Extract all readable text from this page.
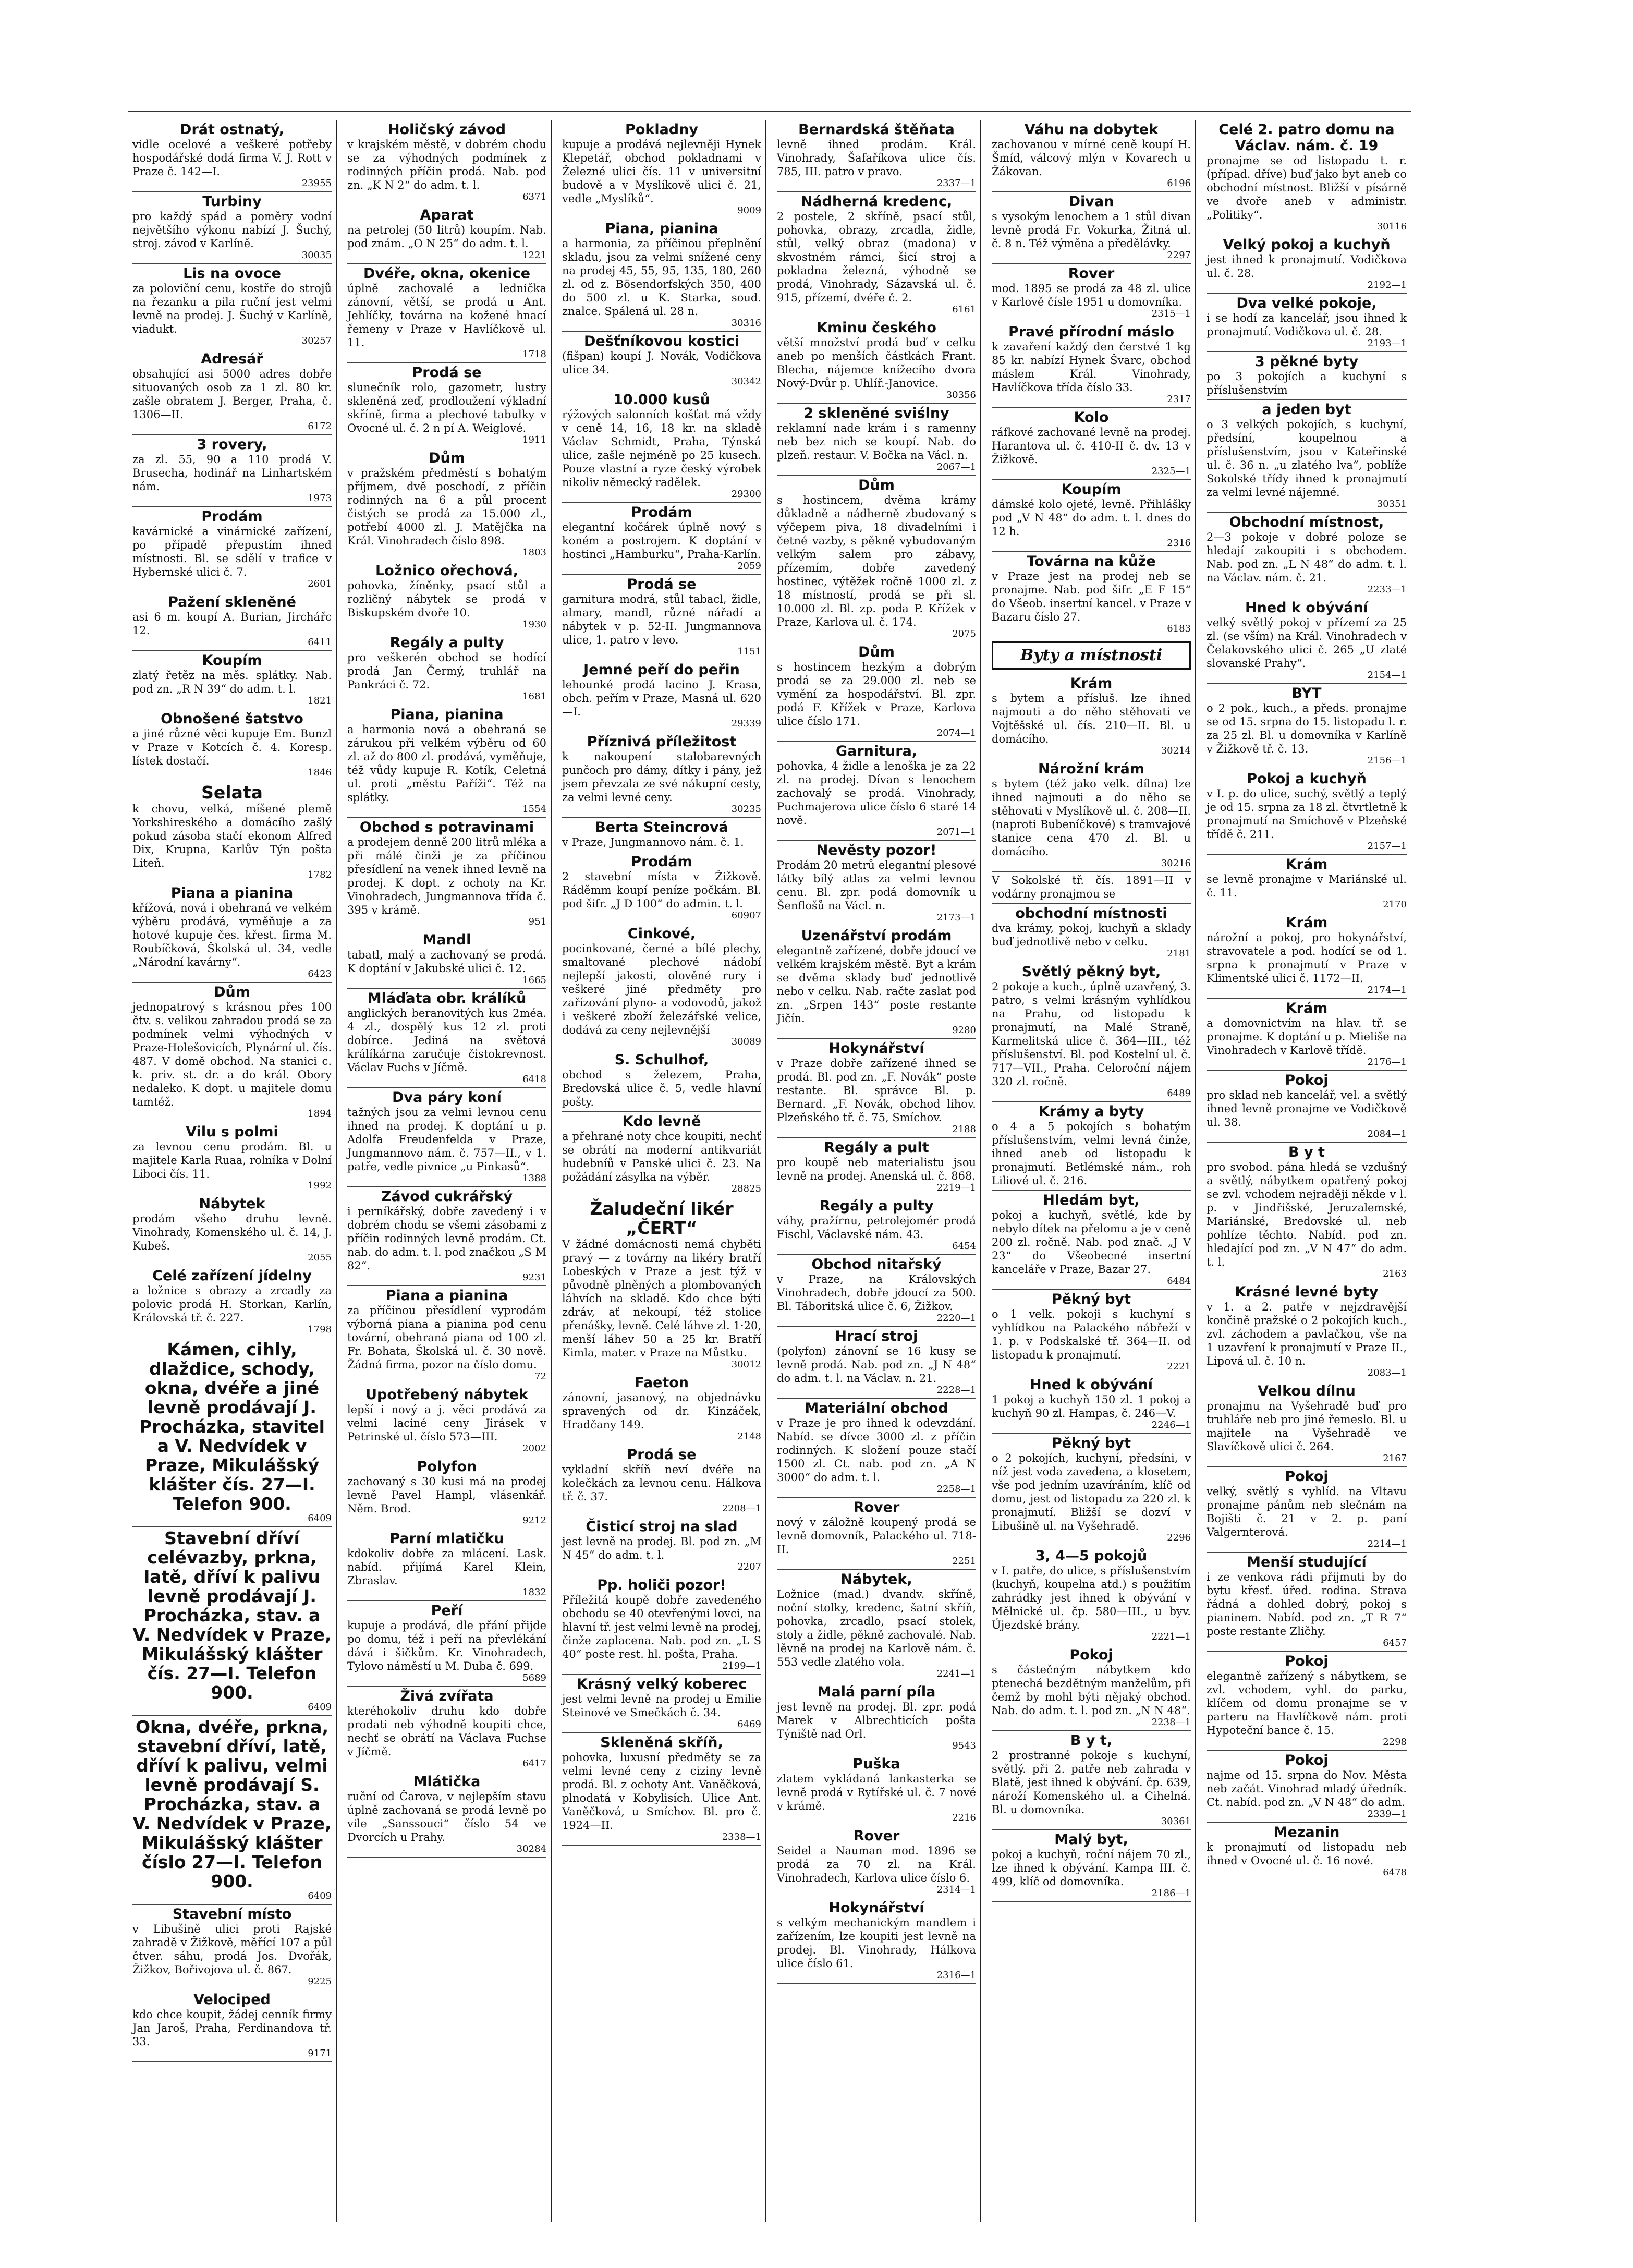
Drát ostnatý,
vidle ocelové a veškeré potřeby hospodářské dodá firma V. J. Rott v Praze č. 142—I.
23955
Turbiny
pro každý spád a poměry vodní největšího výkonu nabízí J. Šuchý, stroj. závod v Karlíně.
30035
Lis na ovoce
za poloviční cenu, kostře do strojů na řezanku a pila ruční jest velmi levně na prodej. J. Šuchý v Karlíně, viadukt.
30257
Adresář
obsahující asi 5000 adres dobře situovaných osob za 1 zl. 80 kr. zašle obratem J. Berger, Praha, č. 1306—II.
6172
3 rovery,
za zl. 55, 90 a 110 prodá V. Brusecha, hodinář na Linhartském nám.
1973
Prodám
kavárnické a vinárnické zařízení, po případě přepustím ihned místnosti. Bl. se sdělí v trafice v Hybernské ulici č. 7.
2601
Pažení skleněné
asi 6 m. koupí A. Burian, Jirchářc 12.
6411
Koupím
zlatý řetěz na měs. splátky. Nab. pod zn. „R N 39“ do adm. t. l.
1821
Obnošené šatstvo
a jiné různé věci kupuje Em. Bunzl v Praze v Kotcích č. 4. Koresp. lístek dostačí.
1846
Selata
k chovu, velká, míšené plemě Yorkshireského a domácího zašlý pokud zásoba stačí ekonom Alfred Dix, Krupna, Karlův Týn pošta Liteň.
1782
Piana a pianina
křížová, nová i obehraná ve velkém výběru prodává, vyměňuje a za hotové kupuje čes. křest. firma M. Roubíčková, Školská ul. 34, vedle „Národní kavárny“.
6423
Dům
jednopatrový s krásnou přes 100 čtv. s. velikou zahradou prodá se za podmínek velmi výhodných v Praze-Holešovicích, Plynární ul. čís. 487. V domě obchod. Na stanici c. k. priv. st. dr. a do král. Obory nedaleko. K dopt. u majitele domu tamtéž.
1894
Vilu s polmi
za levnou cenu prodám. Bl. u majitele Karla Ruaa, rolníka v Dolní Liboci čís. 11.
1992
Nábytek
prodám všeho druhu levně. Vinohrady, Komenského ul. č. 14, J. Kubeš.
2055
Celé zařízení jídelny
a ložnice s obrazy a zrcadly za polovic prodá H. Storkan, Karlín, Královská tř. č. 227.
1798
Kámen, cihly, dlaždice, schody, okna, dvéře a jiné levně prodávají J. Procházka, stavitel a V. Nedvídek v Praze, Mikulášský klášter čís. 27—I. Telefon 900.
6409
Stavební dříví celévazby, prkna, latě, dříví k palivu levně prodávají J. Procházka, stav. a V. Nedvídek v Praze, Mikulášský klášter čís. 27—I. Telefon 900.
6409
Okna, dvéře, prkna, stavební dříví, latě, dříví k palivu, velmi levně prodávají S. Procházka, stav. a V. Nedvídek v Praze, Mikulášský klášter číslo 27—I. Telefon 900.
6409
Stavební místo
v Libušině ulici proti Rajské zahradě v Žižkově, měřící 107 a půl čtver. sáhu, prodá Jos. Dvořák, Žižkov, Bořivojova ul. č. 867.
9225
Velociped
kdo chce koupit, žádej cenník firmy Jan Jaroš, Praha, Ferdinandova tř. 33.
9171
Holičský závod
v krajském městě, v dobrém chodu se za výhodných podmínek z rodinných příčin prodá. Nab. pod zn. „K N 2“ do adm. t. l.
6371
Aparat
na petrolej (50 litrů) koupím. Nab. pod znám. „O N 25“ do adm. t. l.
1221
Dvéře, okna, okenice
úplně zachovalé a lednička zánovní, větší, se prodá u Ant. Jehlíčky, továrna na kožené hnací řemeny v Praze v Havlíčkově ul. 11.
1718
Prodá se
slunečník rolo, gazometr, lustry skleněná zeď, prodloužení výkladní skříně, firma a plechové tabulky v Ovocné ul. č. 2 n pí A. Weiglové.
1911
Dům
v pražském předměstí s bohatým příjmem, dvě poschodí, z příčin rodinných na 6 a půl procent čistých se prodá za 15.000 zl., potřebí 4000 zl. J. Matějčka na Král. Vinohradech číslo 898.
1803
Ložnico ořechová,
pohovka, žíněnky, psací stůl a rozličný nábytek se prodá v Biskupském dvoře 10.
1930
Regály a pulty
pro veškerén obchod se hodící prodá Jan Čermý, truhlář na Pankráci č. 72.
1681
Piana, pianina
a harmonia nová a obehraná se zárukou při velkém výběru od 60 zl. až do 800 zl. prodává, vyměňuje, též vůdy kupuje R. Kotík, Celetná ul. proti „městu Paříži“. Též na splátky.
1554
Obchod s potravinami
a prodejem denně 200 litrů mléka a při málé činži je za příčinou přesídlení na venek ihned levně na prodej. K dopt. z ochoty na Kr. Vinohradech, Jungmannova třída č. 395 v krámě.
951
Mandl
tabatl, malý a zachovaný se prodá. K doptání v Jakubské ulici č. 12.
1665
Mláďata obr. králíků
anglických beranovitých kus 2méa. 4 zl., dospělý kus 12 zl. proti dobírce. Jediná na světová králíkárna zaručuje čistokrevnost. Václav Fuchs v Jíčmě.
6418
Dva páry koní
tažných jsou za velmi levnou cenu ihned na prodej. K doptání u p. Adolfa Freudenfelda v Praze, Jungmannovo nám. č. 757—II., v 1. patře, vedle pivnice „u Pinkasů“.
1388
Závod cukrářský
i perníkářský, dobře zavedený i v dobrém chodu se všemi zásobami z příčin rodinných levně prodám. Ct. nab. do adm. t. l. pod značkou „S M 82“.
9231
Piana a pianina
za příčinou přesídlení vyprodám výborná piana a pianina pod cenu tovární, obehraná piana od 100 zl. Fr. Bohata, Školská ul. č. 30 nově. Žádná firma, pozor na číslo domu.
72
Upotřebený nábytek
lepší i nový a j. věci prodává za velmi laciné ceny Jirásek v Petrinské ul. číslo 573—III.
2002
Polyfon
zachovaný s 30 kusi má na prodej levně Pavel Hampl, vlásenkář. Něm. Brod.
9212
Parní mlatičku
kdokoliv dobře za mlácení. Lask. nabíd. přijímá Karel Klein, Zbraslav.
1832
Peří
kupuje a prodává, dle přání přijde po domu, též i peří na převlékání dává i šičkům. Kr. Vinohradech, Tylovo náměstí u M. Duba č. 699.
5689
Živá zvířata
kteréhokoliv druhu kdo dobře prodati neb výhodně koupiti chce, nechť se obrátí na Václava Fuchse v Jíčmě.
6417
Mlátička
ruční od Čarova, v nejlepším stavu úplně zachovaná se prodá levně po vile „Sanssouci“ číslo 54 ve Dvorcích u Prahy.
30284
Pokladny
kupuje a prodává nejlevněji Hynek Klepetář, obchod pokladnami v Železné ulici čís. 11 v universitní budově a v Myslíkově ulici č. 21, vedle „Myslíků“.
9009
Piana, pianina
a harmonia, za příčinou přeplnění skladu, jsou za velmi snížené ceny na prodej 45, 55, 95, 135, 180, 260 zl. od z. Bösendorfských 350, 400 do 500 zl. u K. Starka, soud. znalce. Spálená ul. 28 n.
30316
Dešťníkovou kostici
(fišpan) koupí J. Novák, Vodičkova ulice 34.
30342
10.000 kusů
rýžových salonních košťat má vždy v ceně 14, 16, 18 kr. na skladě Václav Schmidt, Praha, Týnská ulice, zašle nejméně po 25 kusech. Pouze vlastní a ryze český výrobek nikoliv německý radělek.
29300
Prodám
elegantní kočárek úplně nový s koném a postrojem. K doptání v hostinci „Hamburku“, Praha-Karlín.
2059
Prodá se
garnitura modrá, stůl tabacl, židle, almary, mandl, různé nářadí a nábytek v p. 52-II. Jungmannova ulice, 1. patro v levo.
1151
Jemné peří do peřin
lehounké prodá lacino J. Krasa, obch. peřím v Praze, Masná ul. 620—I.
29339
Příznivá příležitost
k nakoupení stalobarevných punčoch pro dámy, dítky i pány, jež jsem převzala ze své nákupní cesty, za velmi levné ceny.
30235
Berta Steincrová
v Praze, Jungmannovo nám. č. 1.
Prodám
2 stavební místa v Žižkově. Ráděmm koupí peníze počkám. Bl. pod šifr. „J D 100“ do admin. t. l.
60907
Cinkové,
pocinkované, černé a bílé plechy, smaltované plechové nádobí nejlepší jakosti, olověné rury i veškeré jiné předměty pro zařízování plyno- a vodovodů, jakož i veškeré zboží železářské velice, dodává za ceny nejlevnější
30089
S. Schulhof,
obchod s železem, Praha, Bredovská ulice č. 5, vedle hlavní pošty.
Kdo levně
a přehrané noty chce koupiti, nechť se obrátí na moderní antikvariát hudebníů v Panské ulici č. 23. Na požádání zásylka na výběr.
28825
Žaludeční likér „ČERT“
V žádné domácnosti nemá chyběti pravý — z továrny na likéry bratří Lobeských v Praze a jest týž v původně plněných a plombovaných láhvích na skladě. Kdo chce býti zdráv, ať nekoupí, též stolice přenášky, levně. Celé láhve zl. 1·20, menší láhev 50 a 25 kr. Bratří Kimla, mater. v Praze na Můstku.
30012
Faeton
zánovní, jasanový, na objednávku spravených od dr. Kinzáček, Hradčany 149.
2148
Prodá se
vykladní skříň neví dvéře na kolečkách za levnou cenu. Hálkova tř. č. 37.
2208—1
Čisticí stroj na slad
jest levně na prodej. Bl. pod zn. „M N 45“ do adm. t. l.
2207
Pp. holiči pozor!
Příležitá koupě dobře zavedeného obchodu se 40 otevřenými lovci, na hlavní tř. jest velmi levně na prodej, činže zaplacena. Nab. pod zn. „L S 40“ poste rest. hl. pošta, Praha.
2199—1
Krásný velký koberec
jest velmi levně na prodej u Emilie Steinové ve Smečkách č. 34.
6469
Skleněná skříň,
pohovka, luxusní předměty se za velmi levné ceny z ciziny levně prodá. Bl. z ochoty Ant. Vaněčková, plnodatá v Kobylisích. Ulice Ant. Vaněčková, u Smíchov. Bl. pro č. 1924—II.
2338—1
Bernardská štěňata
levně ihned prodám. Král. Vinohrady, Šafaříkova ulice čís. 785, III. patro v pravo.
2337—1
Nádherná kredenc,
2 postele, 2 skříně, psací stůl, pohovka, obrazy, zrcadla, židle, stůl, velký obraz (madona) v skvostném rámci, šicí stroj a pokladna železná, výhodně se prodá, Vinohrady, Sázavská ul. č. 915, přízemí, dvéře č. 2.
6161
Kminu českého
větší množství prodá buď v celku aneb po menších částkách Frant. Blecha, nájemce knížecího dvora Nový-Dvůr p. Uhlíř.-Janovice.
30356
2 skleněné sviślny
reklamní nade krám i s ramenny neb bez nich se koupí. Nab. do plzeň. restaur. V. Bočka na Václ. n.
2067—1
Dům
s hostincem, dvěma krámy důkladně a nádherně zbudovaný s výčepem piva, 18 divadelními i četné vazby, s pěkně vybudovaným velkým salem pro zábavy, přízemím, dobře zavedený hostinec, výtěžek ročně 1000 zl. z 18 místností, prodá se při sl. 10.000 zl. Bl. zp. poda P. Křížek v Praze, Karlova ul. č. 174.
2075
Dům
s hostincem hezkým a dobrým prodá se za 29.000 zl. neb se vymění za hospodářství. Bl. zpr. podá F. Křížek v Praze, Karlova ulice číslo 171.
2074—1
Garnitura,
pohovka, 4 židle a lenoška je za 22 zl. na prodej. Dívan s lenochem zachovalý se prodá. Vinohrady, Puchmajerova ulice číslo 6 staré 14 nově.
2071—1
Nevěsty pozor!
Prodám 20 metrů elegantní plesové látky bílý atlas za velmi levnou cenu. Bl. zpr. podá domovník u Šenflošů na Václ. n.
2173—1
Uzenářství prodám
elegantně zařízené, dobře jdoucí ve velkém krajském městě. Byt a krám se dvěma sklady buď jednotlivě nebo v celku. Nab. račte zaslat pod zn. „Srpen 143“ poste restante Jičín.
9280
Hokynářství
v Praze dobře zařízené ihned se prodá. Bl. pod zn. „F. Novák“ poste restante. Bl. správce Bl. p. Bernard. „F. Novák, obchod lihov. Plzeňského tř. č. 75, Smíchov.
2188
Regály a pult
pro koupě neb materialistu jsou levně na prodej. Anenská ul. č. 868.
2219—1
Regály a pulty
váhy, pražírnu, petrolejomér prodá Fischl, Václavské nám. 43.
6454
Obchod nitařský
v Praze, na Královských Vinohradech, dobře jdoucí za 500. Bl. Táboritská ulice č. 6, Žižkov.
2220—1
Hrací stroj
(polyfon) zánovní se 16 kusy se levně prodá. Nab. pod zn. „J N 48“ do adm. t. l. na Václav. n. 21.
2228—1
Materiální obchod
v Praze je pro ihned k odevzdání. Nabíd. se dívce 3000 zl. z příčin rodinných. K složení pouze stačí 1500 zl. Ct. nab. pod zn. „A N 3000“ do adm. t. l.
2258—1
Rover
nový v záložně koupený prodá se levně domovník, Palackého ul. 718-II.
2251
Nábytek,
Ložnice (mad.) dvandv. skříně, noční stolky, kredenc, šatní skříň, pohovka, zrcadlo, psací stolek, stoly a židle, pěkně zachovalé. Nab. lěvně na prodej na Karlově nám. č. 553 vedle zlatého vola.
2241—1
Malá parní píla
jest levně na prodej. Bl. zpr. podá Marek v Albrechticích pošta Týniště nad Orl.
9543
Puška
zlatem vykládaná lankasterka se levně prodá v Rytířské ul. č. 7 nové v krámě.
2216
Rover
Seidel a Nauman mod. 1896 se prodá za 70 zl. na Král. Vinohradech, Karlova ulice číslo 6.
2314—1
Hokynářství
s velkým mechanickým mandlem i zařízením, lze koupiti jest levně na prodej. Bl. Vinohrady, Hálkova ulice číslo 61.
2316—1
Váhu na dobytek
zachovanou v mírné ceně koupí H. Šmíd, válcový mlýn v Kovarech u Žákovan.
6196
Divan
s vysokým lenochem a 1 stůl divan levně prodá Fr. Vokurka, Žitná ul. č. 8 n. Též výměna a předělávky.
2297
Rover
mod. 1895 se prodá za 48 zl. ulice v Karlově čísle 1951 u domovníka.
2315—1
Pravé přírodní máslo
k zavaření každý den čerstvé 1 kg 85 kr. nabízí Hynek Švarc, obchod máslem Král. Vinohrady, Havlíčkova třída číslo 33.
2317
Kolo
ráfkové zachované levně na prodej. Harantova ul. č. 410-II č. dv. 13 v Žižkově.
2325—1
Koupím
dámské kolo ojeté, levně. Přihlášky pod „V N 48“ do adm. t. l. dnes do 12 h.
2316
Továrna na kůže
v Praze jest na prodej neb se pronajme. Nab. pod šifr. „E F 15“ do Všeob. insertní kancel. v Praze v Bazaru číslo 27.
6183
Byty a místnosti
Krám
s bytem a přísluš. lze ihned najmouti a do něho stěhovati ve Vojtěšské ul. čís. 210—II. Bl. u domácího.
30214
Nárožní krám
s bytem (též jako velk. dílna) lze ihned najmouti a do něho se stěhovati v Myslíkově ul. č. 208—II. (naproti Bubeníčkové) s tramvajové stanice cena 470 zl. Bl. u domácího.
30216
V Sokolské tř. čís. 1891—II v vodárny pronajmou se
obchodní místnosti
dva krámy, pokoj, kuchyň a sklady buď jednotlivě nebo v celku.
2181
Světlý pěkný byt,
2 pokoje a kuch., úplně uzavřený, 3. patro, s velmi krásným vyhlídkou na Prahu, od listopadu k pronajmutí, na Malé Straně, Karmelitská ulice č. 364—III., též příslušenství. Bl. pod Kostelní ul. č. 717—VII., Praha. Celoroční nájem 320 zl. ročně.
6489
Krámy a byty
o 4 a 5 pokojích s bohatým příslušenstvím, velmi levná činže, ihned aneb od listopadu k pronajmutí. Betlémské nám., roh Liliové ul. č. 216.
Hledám byt,
pokoj a kuchyň, světlé, kde by nebylo dítek na přelomu a je v ceně 200 zl. ročně. Nab. pod znač. „J V 23“ do Všeobecné insertní kanceláře v Praze, Bazar 27.
6484
Pěkný byt
o 1 velk. pokoji s kuchyní s vyhlídkou na Palackého nábřeží v 1. p. v Podskalské tř. 364—II. od listopadu k pronajmutí.
2221
Hned k obývání
1 pokoj a kuchyň 150 zl. 1 pokoj a kuchyň 90 zl. Hampas, č. 246—V.
2246—1
Pěkný byt
o 2 pokojích, kuchyní, předsíni, v níž jest voda zavedena, a klosetem, vše pod jedním uzavíráním, klíč od domu, jest od listopadu za 220 zl. k pronajmutí. Bližší se dozví v Libušině ul. na Vyšehradě.
2296
3, 4—5 pokojů
v I. patře, do ulice, s příslušenstvím (kuchyň, koupelna atd.) s použitím zahrádky jest ihned k obývání v Mělnické ul. čp. 580—III., u byv. Újezdské brány.
2221—1
Pokoj
s částečným nábytkem kdo ptenechá bezdětným manželům, při čemž by mohl býti nějaký obchod. Nab. do adm. t. l. pod zn. „N N 48“.
2238—1
B y t,
2 prostranné pokoje s kuchyní, světlý. při 2. patře neb zahrada v Blatě, jest ihned k obývání. čp. 639, nároží Komenského ul. a Cihelná. Bl. u domovníka.
30361
Malý byt,
pokoj a kuchyň, roční nájem 70 zl., lze ihned k obývání. Kampa III. č. 499, klíč od domovníka.
2186—1
Celé 2. patro domu na Václav. nám. č. 19
pronajme se od listopadu t. r. (případ. dříve) buď jako byt aneb co obchodní místnost. Bližší v písárně ve dvoře aneb v administr. „Politiky“.
30116
Velký pokoj a kuchyň
jest ihned k pronajmutí. Vodičkova ul. č. 28.
2192—1
Dva velké pokoje,
i se hodí za kancelář, jsou ihned k pronajmutí. Vodičkova ul. č. 28.
2193—1
3 pěkné byty
po 3 pokojích a kuchyní s příslušenstvím
a jeden byt
o 3 velkých pokojích, s kuchyní, předsíní, koupelnou a příslušenstvím, jsou v Kateřinské ul. č. 36 n. „u zlatého lva“, poblíže Sokolské třídy ihned k pronajmutí za velmi levné nájemné.
30351
Obchodní místnost,
2—3 pokoje v dobré poloze se hledají zakoupiti i s obchodem. Nab. pod zn. „L N 48“ do adm. t. l. na Václav. nám. č. 21.
2233—1
Hned k obývání
velký světlý pokoj v přízemí za 25 zl. (se vším) na Král. Vinohradech v Čelakovského ulici č. 265 „U zlaté slovanské Prahy“.
2154—1
BYT
o 2 pok., kuch., a předs. pronajme se od 15. srpna do 15. listopadu l. r. za 25 zl. Bl. u domovníka v Karlíně v Žižkově tř. č. 13.
2156—1
Pokoj a kuchyň
v I. p. do ulice, suchý, světlý a teplý je od 15. srpna za 18 zl. čtvrtletně k pronajmutí na Smíchově v Plzeňské třídě č. 211.
2157—1
Krám
se levně pronajme v Mariánské ul. č. 11.
2170
Krám
nárožní a pokoj, pro hokynářství, stravovatele a pod. hodící se od 1. srpna k pronajmutí v Praze v Klimentské ulici č. 1172—II.
2174—1
Krám
a domovnictvím na hlav. tř. se pronajme. K doptání u p. Mieliše na Vinohradech v Karlově třídě.
2176—1
Pokoj
pro sklad neb kancelář, vel. a světlý ihned levně pronajme ve Vodičkově ul. 38.
2084—1
B y t
pro svobod. pána hledá se vzdušný a světlý, nábytkem opatřený pokoj se zvl. vchodem nejraději někde v l. p. v Jindřišské, Jeruzalemské, Mariánské, Bredovské ul. neb pohlíze těchto. Nabíd. pod zn. hledající pod zn. „V N 47“ do adm. t. l.
2163
Krásné levné byty
v 1. a 2. patře v nejzdravější končině pražské o 2 pokojích kuch., zvl. záchodem a pavlačkou, vše na 1 uzavření k pronajmutí v Praze II., Lipová ul. č. 10 n.
2083—1
Velkou dílnu
pronajmu na Vyšehradě buď pro truhláře neb pro jiné řemeslo. Bl. u majitele na Vyšehradě ve Slavíčkově ulici č. 264.
2167
Pokoj
velký, světlý s vyhlíd. na Vltavu pronajme pánům neb slečnám na Bojišti č. 21 v 2. p. paní Valgernterová.
2214—1
Menší studující
i ze venkova rádi přijmuti by do bytu křesť. úřed. rodina. Strava řádná a dohled dobrý, pokoj s pianinem. Nabíd. pod zn. „T R 7“ poste restante Zličhy.
6457
Pokoj
elegantně zařízený s nábytkem, se zvl. vchodem, vyhl. do parku, klíčem od domu pronajme se v parteru na Havlíčkově nám. proti Hypoteční bance č. 15.
2298
Pokoj
najme od 15. srpna do Nov. Města neb začát. Vinohrad mladý úředník. Ct. nabíd. pod zn. „V N 48“ do adm.
2339—1
Mezanin
k pronajmutí od listopadu neb ihned v Ovocné ul. č. 16 nové.
6478
